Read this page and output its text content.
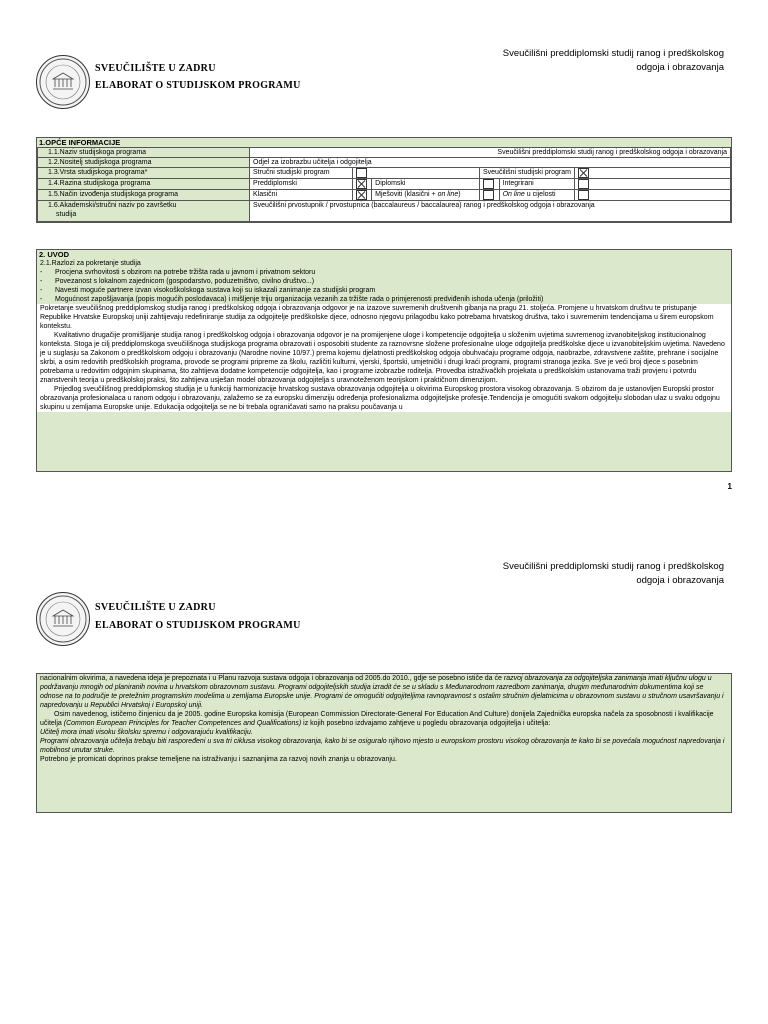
SVEUČILIŠTE U ZADRU
ELABORAT O STUDIJSKOM PROGRAMU
Sveučilišni preddiplomski studij ranog i predškolskog
odgoja i obrazovanja
1.OPĆE INFORMACIJE
1.1.Naziv studijskoga programa	Sveučilišni preddiplomski studij ranog i predškolskog odgoja i obrazovanja					
1.2.Nositelj studijskoga programa	Odjel za izobrazbu učitelja i odgojitelja					
1.3.Vrsta studijskoga programa*	Stručni studijski program			Sveučilišni studijski program		
1.4.Razina studijskoga programa	Preddiplomski		Diplomski		Integrirani	
1.5.Način izvođenja studijskoga programa	Klasični		Mješoviti (klasični + on line)		On line u cijelosti	

1.6.Akademski/stručni naziv po završetku
studija	Sveučilišni prvostupnik / prvostupnica (baccalaureus / baccalaurea) ranog i predškolskog odgoja i obrazovanja					
2. UVOD
2.1.Razlozi za pokretanje studija
- Procjena svrhovitosti s obzirom na potrebe tržišta rada u javnom i privatnom sektoru
- Povezanost s lokalnom zajednicom (gospodarstvo, poduzetništvo, civilno društvo...)
- Navesti moguće partnere izvan visokoškolskoga sustava koji su iskazali zanimanje za studijski program
- Mogućnost zapošljavanja (popis mogućih poslodavaca) i mišljenje triju organizacija vezanih za tržište rada o primjerenosti predviđenih ishoda učenja (priložiti)

Pokretanje sveučilišnog preddiplomskog studija ranog i predškolskog odgoja i obrazovanja odgovor je na izazove suvremenih društvenih gibanja na pragu 21. stoljeća. Promjene u hrvatskom društvu te pristupanje Republike Hrvatske Europskoj uniji zahtijevaju redefiniranje studija za odgojitelje predškolske djece, odnosno njegovu prilagodbu kako potrebama hrvatskog društva, tako i suvremenim tendencijama u širem europskom kontekstu.

Kvalitativno drugačije promišljanje studija ranog i predškolskog odgoja i obrazovanja odgovor je na promijenjene uloge i kompetencije odgojitelja u složenim uvjetima suvremenog izvanobiteljskog institucionalnog konteksta. Stoga je cilj preddiplomskoga sveučilišnoga studijskoga programa obrazovati i osposobiti studente za raznovrsne složene profesionalne uloge odgojitelja predškolske djece u izvanobiteljskim uvjetima. Navedeno je u suglasju sa Zakonom o predškolskom odgoju i obrazovanju (Narodne novine 10/97.) prema kojemu djelatnosti predškolskog odgoja obuhvaćaju programe odgoja, naobrazbe, zdravstvene zaštite, prehrane i socijalne skrbi, a osim redovitih predškolskih programa, provode se programi pripreme za školu, različiti kulturni, vjerski, športski, umjetnički i drugi kraći programi, programi stranoga jezika. Sve je veći broj djece s posebnim potrebama u redovitim odgojnim skupinama, što zahtijeva dodatne kompetencije odgojitelja, kao i programe izobrazbe roditelja. Provedba istraživačkih projekata u predškolskim ustanovama traži provjeru i potvrdu znanstvenih teorija u predškolskoj praksi, što zahtijeva usješan model obrazovanja odgojitelja s uravnoteženom teorijskom i praktičnom dimenzijom.

Prijedlog sveučilišnog preddiplomskog studija je u funkciji harmonizacije hrvatskog sustava obrazovanja odgojitelja u okvirima Europskog prostora visokog obrazovanja. S obzirom da je ustanovljen Europski prostor obrazovanja profesionalaca u ranom odgoju i obrazovanju, zalažemo se za europsku dimenziju određenja profesionalizma odgojiteljske profesije.Tendencija je omogućiti svakom odgojitelju slobodan ulaz u svaku odgojnu skupinu u zemljama Europske unije. Edukacija odgojitelja se ne bi trebala ograničavati samo na praksu poučavanja u

1
SVEUČILIŠTE U ZADRU
ELABORAT O STUDIJSKOM PROGRAMU
Sveučilišni preddiplomski studij ranog i predškolskog
odgoja i obrazovanja

nacionalnim okvirima, a navedena ideja je prepoznata i u Planu razvoja sustava odgoja i obrazovanja od 2005.do 2010., gdje se posebno ističe da će razvoj obrazovanja za odgojiteljska zanimanja imati ključnu ulogu u podržavanju mnogih od planiranih novina u hrvatskom obrazovnom sustavu. Programi odgojiteljskih studija izradit će se u skladu s Međunarodnom razredbom zanimanja, drugim međunarodnim dokumentima koji se odnose na to područje te pretežnim programskim modelima u zemljama Europske unije. Programi će omogućiti odgojiteljima ravnopravnost s ostalim stručnim djelatnicima u obrazovnom sustavu u stručnom usavršavanju i napredovanju u Republici Hrvatskoj i Europskoj uniji.

Osim navedenog, ističemo činjenicu da je 2005. godine Europska komisija (European Commission Directorate-General For Education And Culture) donijela Zajednička europska načela za sposobnosti i kvalifikacije učitelja (Common European Principles for Teacher Competences and Qualifications) iz kojih posebno izdvajamo zahtjeve u pogledu obrazovanja odgojitelja i učitelja:

Učitelj mora imati visoku školsku spremu i odgovarajuću kvalifikaciju.

Programi obrazovanja učitelja trebaju biti raspoređeni u sva tri ciklusa visokog obrazovanja, kako bi se osiguralo njihovo mjesto u europskom prostoru visokog obrazovanja te kako bi se povećala mogućnost napredovanja i mobilnost unutar struke.

Potrebno je promicati doprinos prakse temeljene na istraživanju i saznanjima za razvoj novih znanja u obrazovanju.
